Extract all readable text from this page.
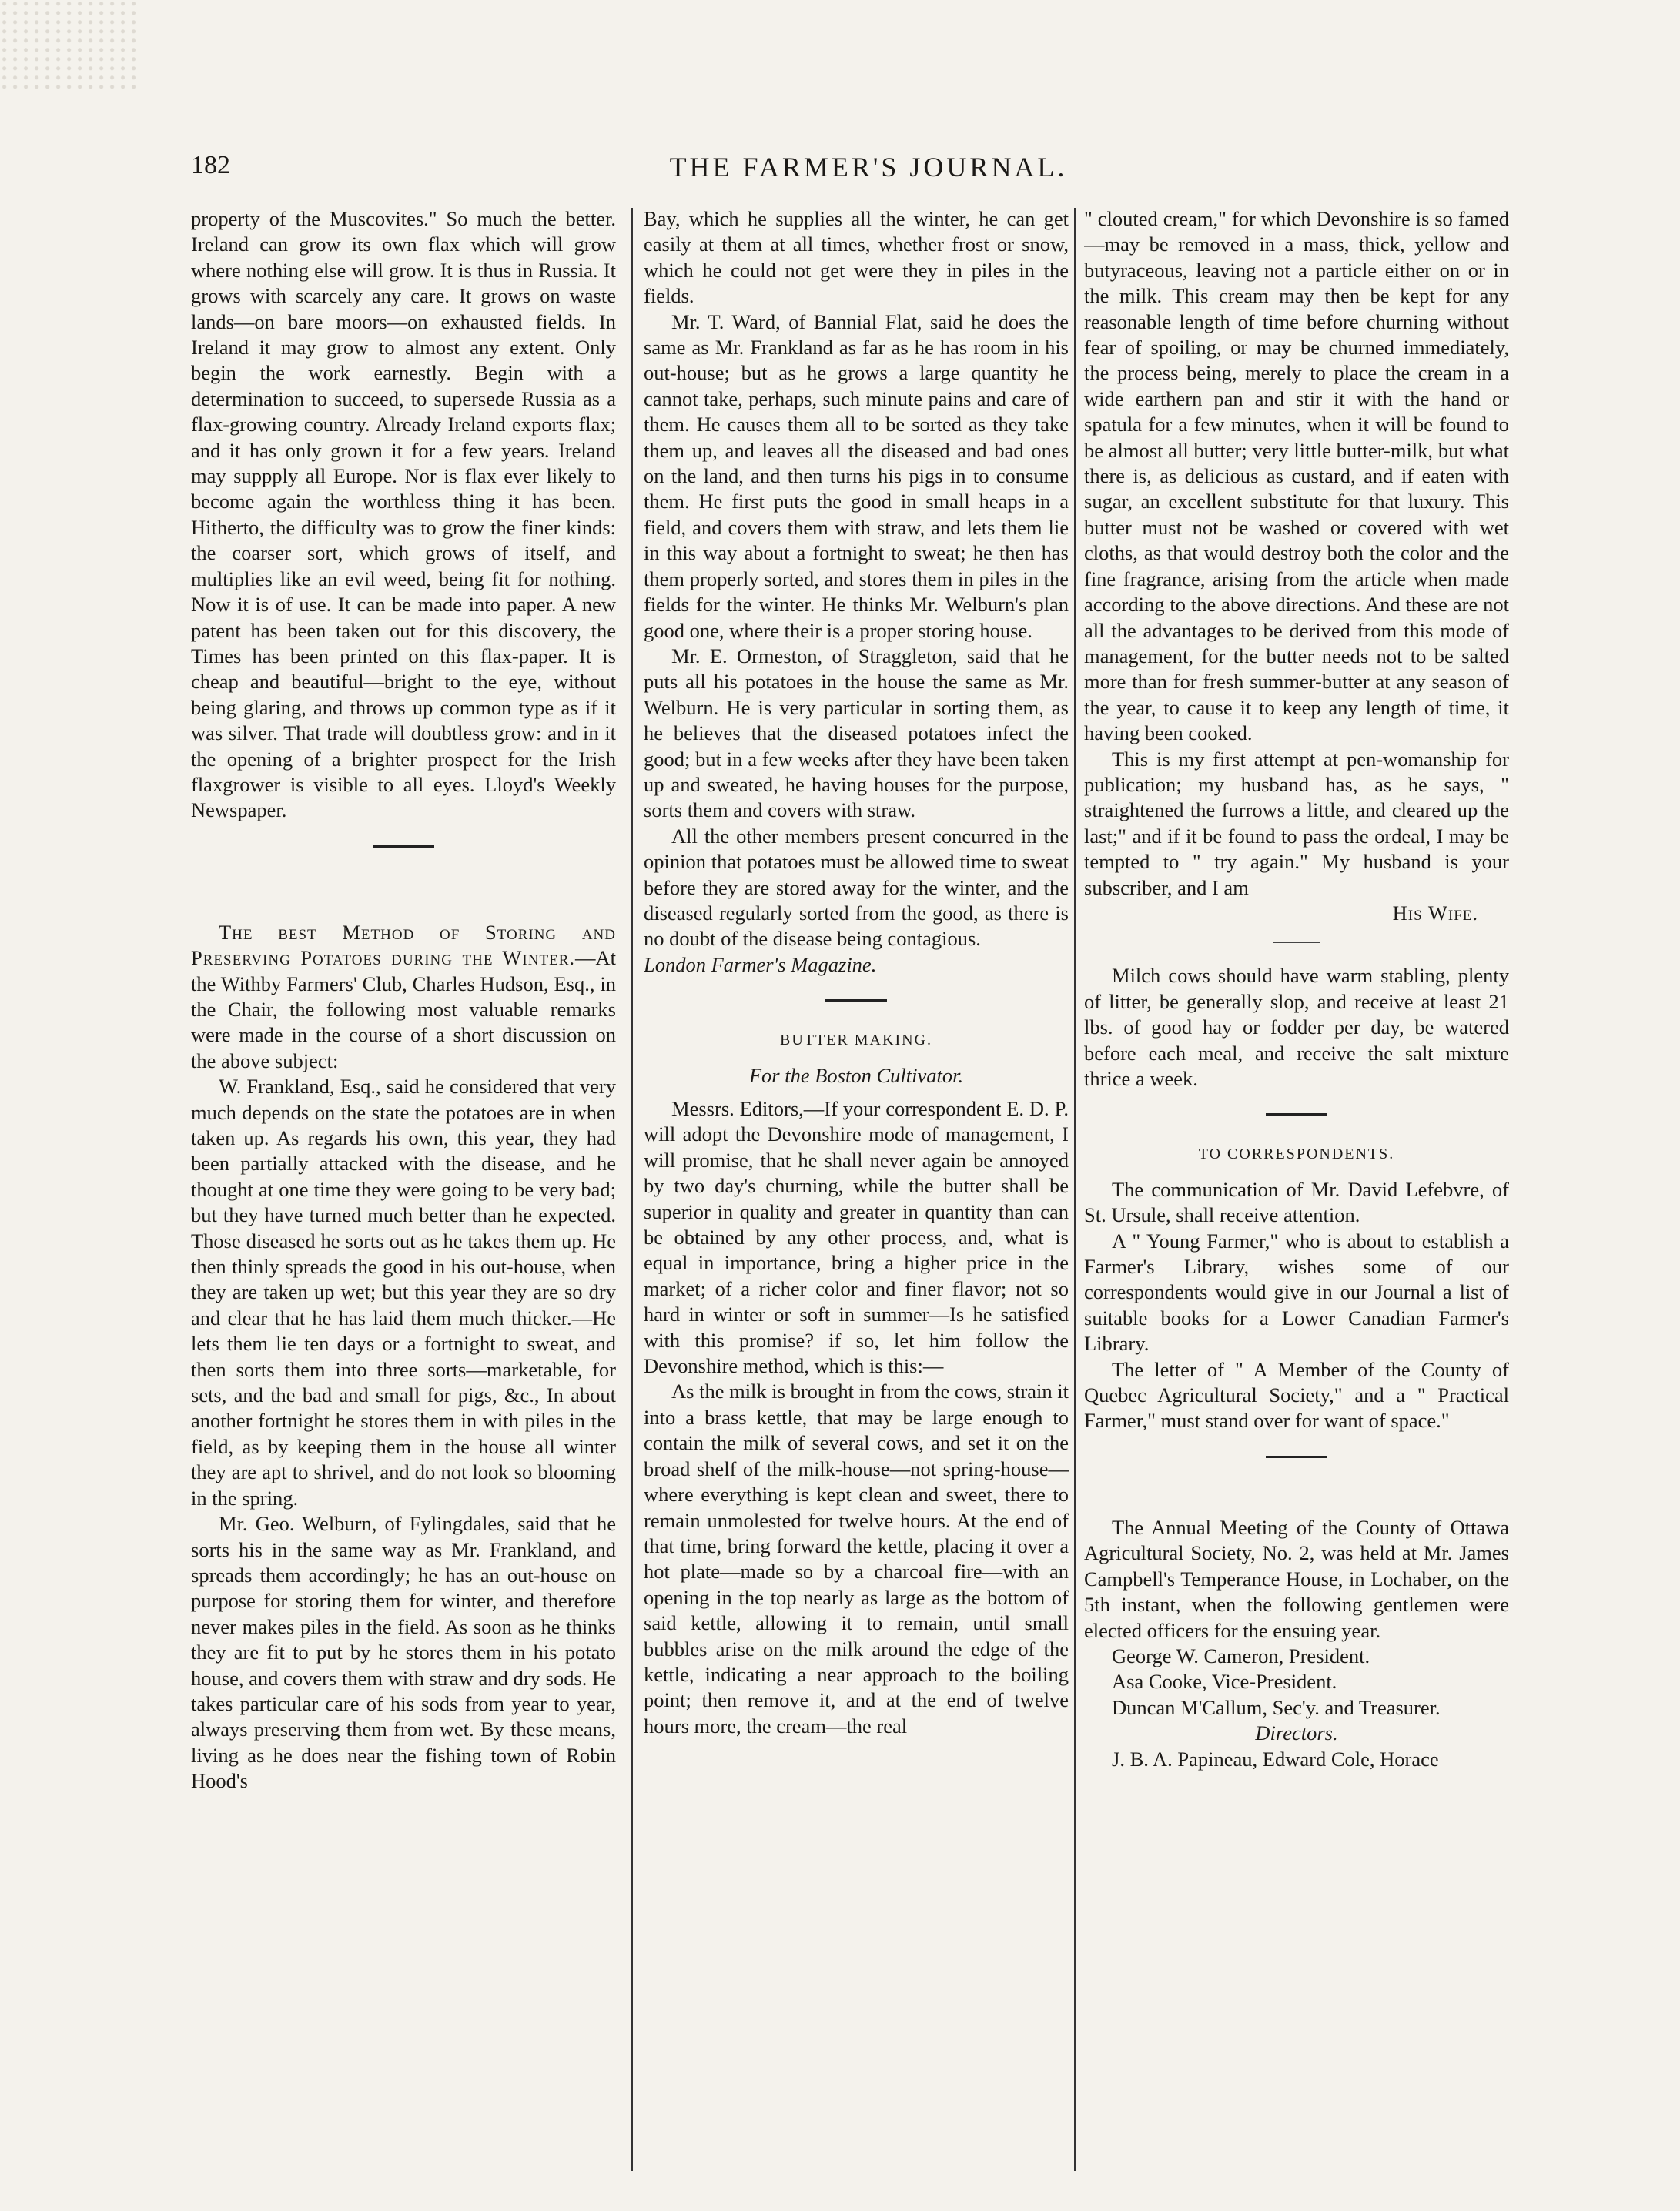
182	THE FARMER'S JOURNAL.

property of the Muscovites." So much the better. Ireland can grow its own flax which will grow where nothing else will grow. It is thus in Russia. It grows with scarcely any care. It grows on waste lands—on bare moors—on exhausted fields. In Ireland it may grow to almost any extent. Only begin the work earnestly. Begin with a determination to succeed, to supersede Russia as a flax-growing country. Already Ireland exports flax; and it has only grown it for a few years. Ireland may suppply all Europe. Nor is flax ever likely to become again the worthless thing it has been. Hitherto, the difficulty was to grow the finer kinds: the coarser sort, which grows of itself, and multiplies like an evil weed, being fit for nothing. Now it is of use. It can be made into paper. A new patent has been taken out for this discovery, the Times has been printed on this flax-paper. It is cheap and beautiful—bright to the eye, without being glaring, and throws up common type as if it was silver. That trade will doubtless grow: and in it the opening of a brighter prospect for the Irish flaxgrower is visible to all eyes. Lloyd's Weekly Newspaper.

The best Method of Storing and Preserving Potatoes during the Winter.—At the Withby Farmers' Club, Charles Hudson, Esq., in the Chair, the following most valuable remarks were made in the course of a short discussion on the above subject:

W. Frankland, Esq., said he considered that very much depends on the state the potatoes are in when taken up. As regards his own, this year, they had been partially attacked with the disease, and he thought at one time they were going to be very bad; but they have turned much better than he expected. Those diseased he sorts out as he takes them up. He then thinly spreads the good in his out-house, when they are taken up wet; but this year they are so dry and clear that he has laid them much thicker.—He lets them lie ten days or a fortnight to sweat, and then sorts them into three sorts—marketable, for sets, and the bad and small for pigs, &c., In about another fortnight he stores them in with piles in the field, as by keeping them in the house all winter they are apt to shrivel, and do not look so blooming in the spring.

Mr. Geo. Welburn, of Fylingdales, said that he sorts his in the same way as Mr. Frankland, and spreads them accordingly; he has an out-house on purpose for storing them for winter, and therefore never makes piles in the field. As soon as he thinks they are fit to put by he stores them in his potato house, and covers them with straw and dry sods. He takes particular care of his sods from year to year, always preserving them from wet. By these means, living as he does near the fishing town of Robin Hood's

Bay, which he supplies all the winter, he can get easily at them at all times, whether frost or snow, which he could not get were they in piles in the fields.

Mr. T. Ward, of Bannial Flat, said he does the same as Mr. Frankland as far as he has room in his out-house; but as he grows a large quantity he cannot take, perhaps, such minute pains and care of them. He causes them all to be sorted as they take them up, and leaves all the diseased and bad ones on the land, and then turns his pigs in to consume them. He first puts the good in small heaps in a field, and covers them with straw, and lets them lie in this way about a fortnight to sweat; he then has them properly sorted, and stores them in piles in the fields for the winter. He thinks Mr. Welburn's plan good one, where their is a proper storing house.

Mr. E. Ormeston, of Straggleton, said that he puts all his potatoes in the house the same as Mr. Welburn. He is very particular in sorting them, as he believes that the diseased potatoes infect the good; but in a few weeks after they have been taken up and sweated, he having houses for the purpose, sorts them and covers with straw.

All the other members present concurred in the opinion that potatoes must be allowed time to sweat before they are stored away for the winter, and the diseased regularly sorted from the good, as there is no doubt of the disease being contagious.

London Farmer's Magazine.

BUTTER MAKING.
For the Boston Cultivator.

Messrs. Editors,—If your correspondent E. D. P. will adopt the Devonshire mode of management, I will promise, that he shall never again be annoyed by two day's churning, while the butter shall be superior in quality and greater in quantity than can be obtained by any other process, and, what is equal in importance, bring a higher price in the market; of a richer color and finer flavor; not so hard in winter or soft in summer—Is he satisfied with this promise? if so, let him follow the Devonshire method, which is this:—

As the milk is brought in from the cows, strain it into a brass kettle, that may be large enough to contain the milk of several cows, and set it on the broad shelf of the milk-house—not spring-house—where everything is kept clean and sweet, there to remain unmolested for twelve hours. At the end of that time, bring forward the kettle, placing it over a hot plate—made so by a charcoal fire—with an opening in the top nearly as large as the bottom of said kettle, allowing it to remain, until small bubbles arise on the milk around the edge of the kettle, indicating a near approach to the boiling point; then remove it, and at the end of twelve hours more, the cream—the real

" clouted cream," for which Devonshire is so famed—may be removed in a mass, thick, yellow and butyraceous, leaving not a particle either on or in the milk. This cream may then be kept for any reasonable length of time before churning without fear of spoiling, or may be churned immediately, the process being, merely to place the cream in a wide earthern pan and stir it with the hand or spatula for a few minutes, when it will be found to be almost all butter; very little butter-milk, but what there is, as delicious as custard, and if eaten with sugar, an excellent substitute for that luxury. This butter must not be washed or covered with wet cloths, as that would destroy both the color and the fine fragrance, arising from the article when made according to the above directions. And these are not all the advantages to be derived from this mode of management, for the butter needs not to be salted more than for fresh summer-butter at any season of the year, to cause it to keep any length of time, it having been cooked.

This is my first attempt at pen-womanship for publication; my husband has, as he says, " straightened the furrows a little, and cleared up the last;" and if it be found to pass the ordeal, I may be tempted to " try again." My husband is your subscriber, and I am

His Wife.

Milch cows should have warm stabling, plenty of litter, be generally slop, and receive at least 21 lbs. of good hay or fodder per day, be watered before each meal, and receive the salt mixture thrice a week.

TO CORRESPONDENTS.

The communication of Mr. David Lefebvre, of St. Ursule, shall receive attention.

A " Young Farmer," who is about to establish a Farmer's Library, wishes some of our correspondents would give in our Journal a list of suitable books for a Lower Canadian Farmer's Library.

The letter of " A Member of the County of Quebec Agricultural Society," and a " Practical Farmer," must stand over for want of space."

The Annual Meeting of the County of Ottawa Agricultural Society, No. 2, was held at Mr. James Campbell's Temperance House, in Lochaber, on the 5th instant, when the following gentlemen were elected officers for the ensuing year.

George W. Cameron, President.

Asa Cooke, Vice-President.

Duncan M'Callum, Sec'y. and Treasurer.

Directors.

J. B. A. Papineau, Edward Cole, Horace
